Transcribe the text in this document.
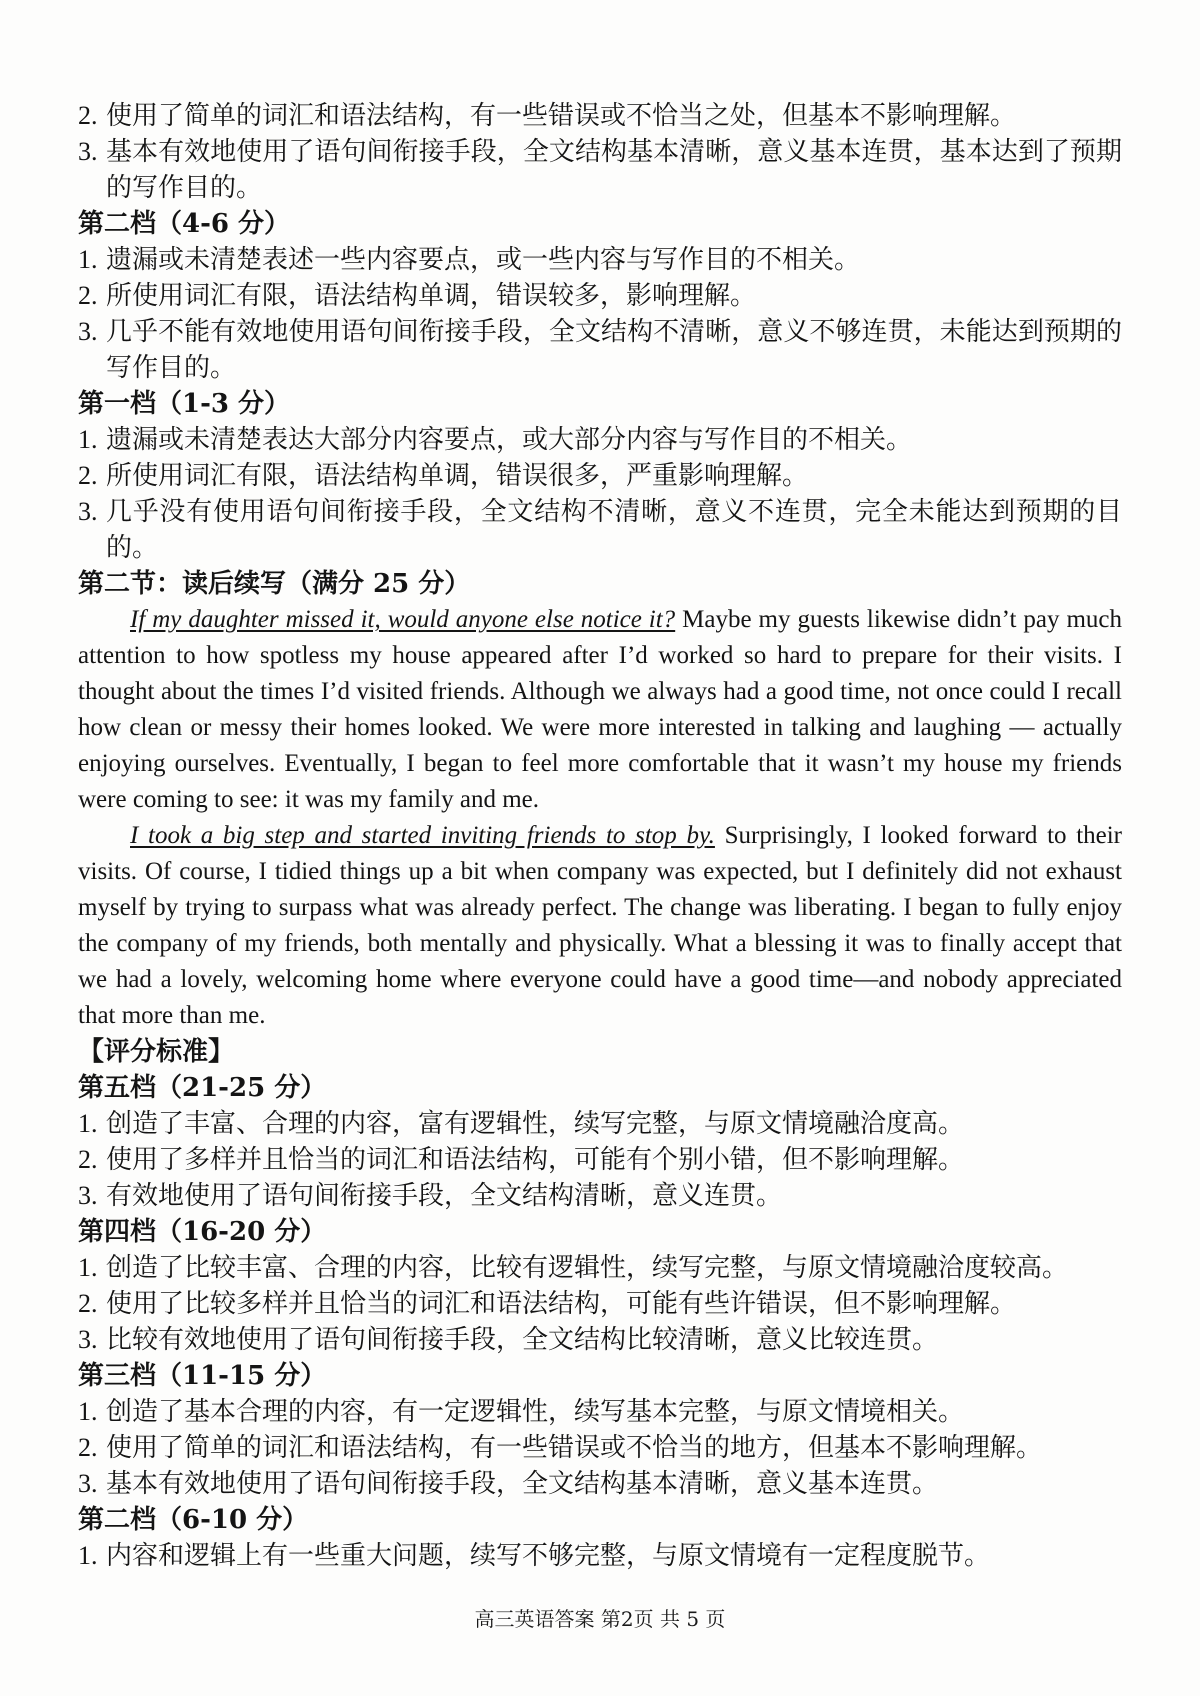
2. 使用了简单的词汇和语法结构，有一些错误或不恰当之处，但基本不影响理解。
3. 基本有效地使用了语句间衔接手段，全文结构基本清晰，意义基本连贯，基本达到了预期的写作目的。
第二档（4-6 分）
1. 遗漏或未清楚表述一些内容要点，或一些内容与写作目的不相关。
2. 所使用词汇有限，语法结构单调，错误较多，影响理解。
3. 几乎不能有效地使用语句间衔接手段，全文结构不清晰，意义不够连贯，未能达到预期的写作目的。
第一档（1-3 分）
1. 遗漏或未清楚表达大部分内容要点，或大部分内容与写作目的不相关。
2. 所使用词汇有限，语法结构单调，错误很多，严重影响理解。
3. 几乎没有使用语句间衔接手段，全文结构不清晰，意义不连贯，完全未能达到预期的目的。
第二节：读后续写（满分 25 分）

If my daughter missed it, would anyone else notice it? Maybe my guests likewise didn’t pay much attention to how spotless my house appeared after I’d worked so hard to prepare for their visits. I thought about the times I’d visited friends. Although we always had a good time, not once could I recall how clean or messy their homes looked. We were more interested in talking and laughing — actually enjoying ourselves. Eventually, I began to feel more comfortable that it wasn’t my house my friends were coming to see: it was my family and me.

I took a big step and started inviting friends to stop by. Surprisingly, I looked forward to their visits. Of course, I tidied things up a bit when company was expected, but I definitely did not exhaust myself by trying to surpass what was already perfect. The change was liberating. I began to fully enjoy the company of my friends, both mentally and physically. What a blessing it was to finally accept that we had a lovely, welcoming home where everyone could have a good time—and nobody appreciated that more than me.

【评分标准】
第五档（21-25 分）
1. 创造了丰富、合理的内容，富有逻辑性，续写完整，与原文情境融洽度高。
2. 使用了多样并且恰当的词汇和语法结构，可能有个别小错，但不影响理解。
3. 有效地使用了语句间衔接手段，全文结构清晰，意义连贯。
第四档（16-20 分）
1. 创造了比较丰富、合理的内容，比较有逻辑性，续写完整，与原文情境融洽度较高。
2. 使用了比较多样并且恰当的词汇和语法结构，可能有些许错误，但不影响理解。
3. 比较有效地使用了语句间衔接手段，全文结构比较清晰，意义比较连贯。
第三档（11-15 分）
1. 创造了基本合理的内容，有一定逻辑性，续写基本完整，与原文情境相关。
2. 使用了简单的词汇和语法结构，有一些错误或不恰当的地方，但基本不影响理解。
3. 基本有效地使用了语句间衔接手段，全文结构基本清晰，意义基本连贯。
第二档（6-10 分）
1. 内容和逻辑上有一些重大问题，续写不够完整，与原文情境有一定程度脱节。
高三英语答案 第2页 共 5 页
